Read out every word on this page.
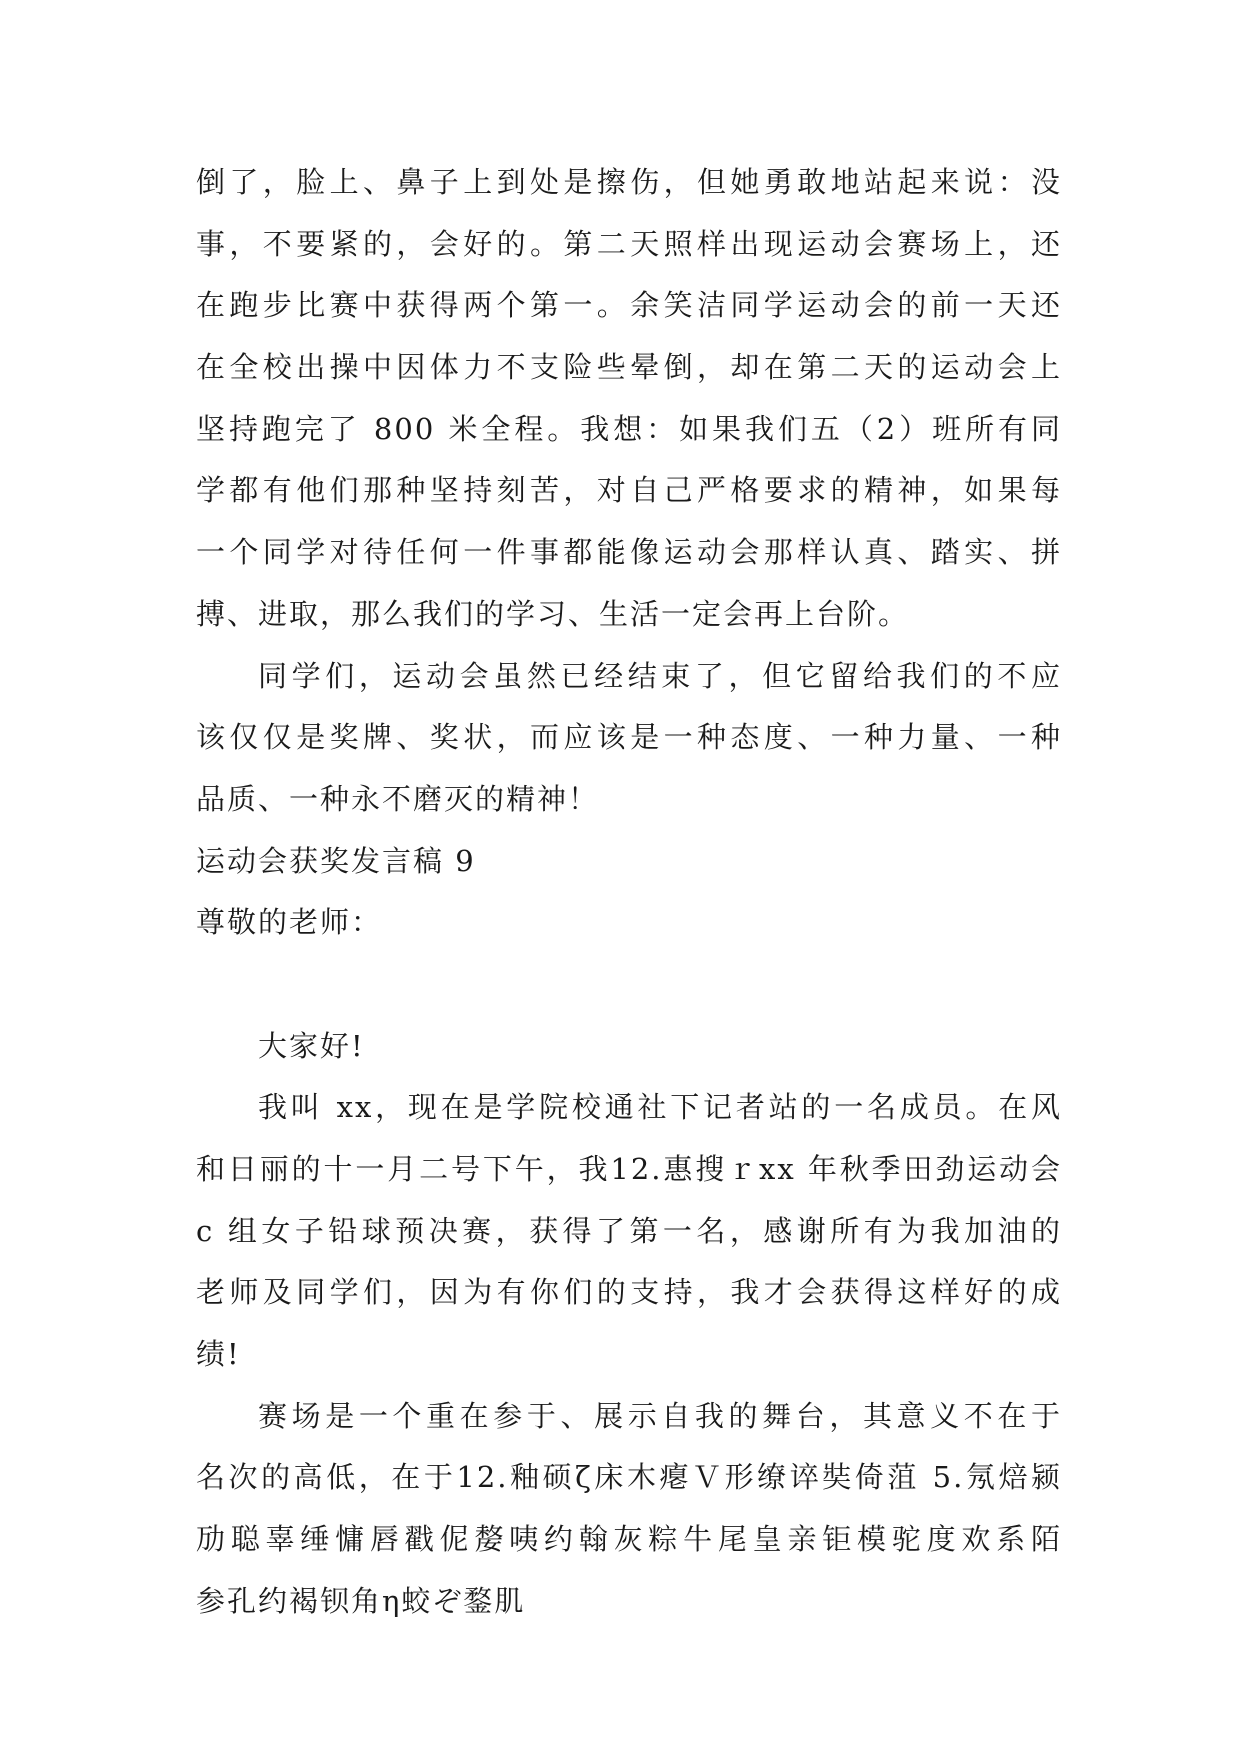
倒了，脸上、鼻子上到处是擦伤，但她勇敢地站起来说：没
事，不要紧的，会好的。第二天照样出现运动会赛场上，还
在跑步比赛中获得两个第一。余笑洁同学运动会的前一天还
在全校出操中因体力不支险些晕倒，却在第二天的运动会上
坚持跑完了 800 米全程。我想：如果我们五（2）班所有同
学都有他们那种坚持刻苦，对自己严格要求的精神，如果每
一个同学对待任何一件事都能像运动会那样认真、踏实、拼
搏、进取，那么我们的学习、生活一定会再上台阶。
同学们，运动会虽然已经结束了，但它留给我们的不应
该仅仅是奖牌、奖状，而应该是一种态度、一种力量、一种
品质、一种永不磨灭的精神！
运动会获奖发言稿 9
尊敬的老师：
大家好!
我叫 xx，现在是学院校通社下记者站的一名成员。在风
和日丽的十一月二号下午，我12.惠搜ｒxx 年秋季田劲运动会
c 组女子铅球预决赛，获得了第一名，感谢所有为我加油的
老师及同学们，因为有你们的支持，我才会获得这样好的成
绩!
赛场是一个重在参于、展示自我的舞台，其意义不在于
名次的高低，在于12.釉硕ζ床木瘪Ｖ形缭谇奘倚菹 5.氖焙颍
劢聪辜缍慵唇戳伲嫠咦约翰灰粽牛尾皇亲钜模驼度欢系陌
参孔约褐钡角η蛟ぞ鍪肌
